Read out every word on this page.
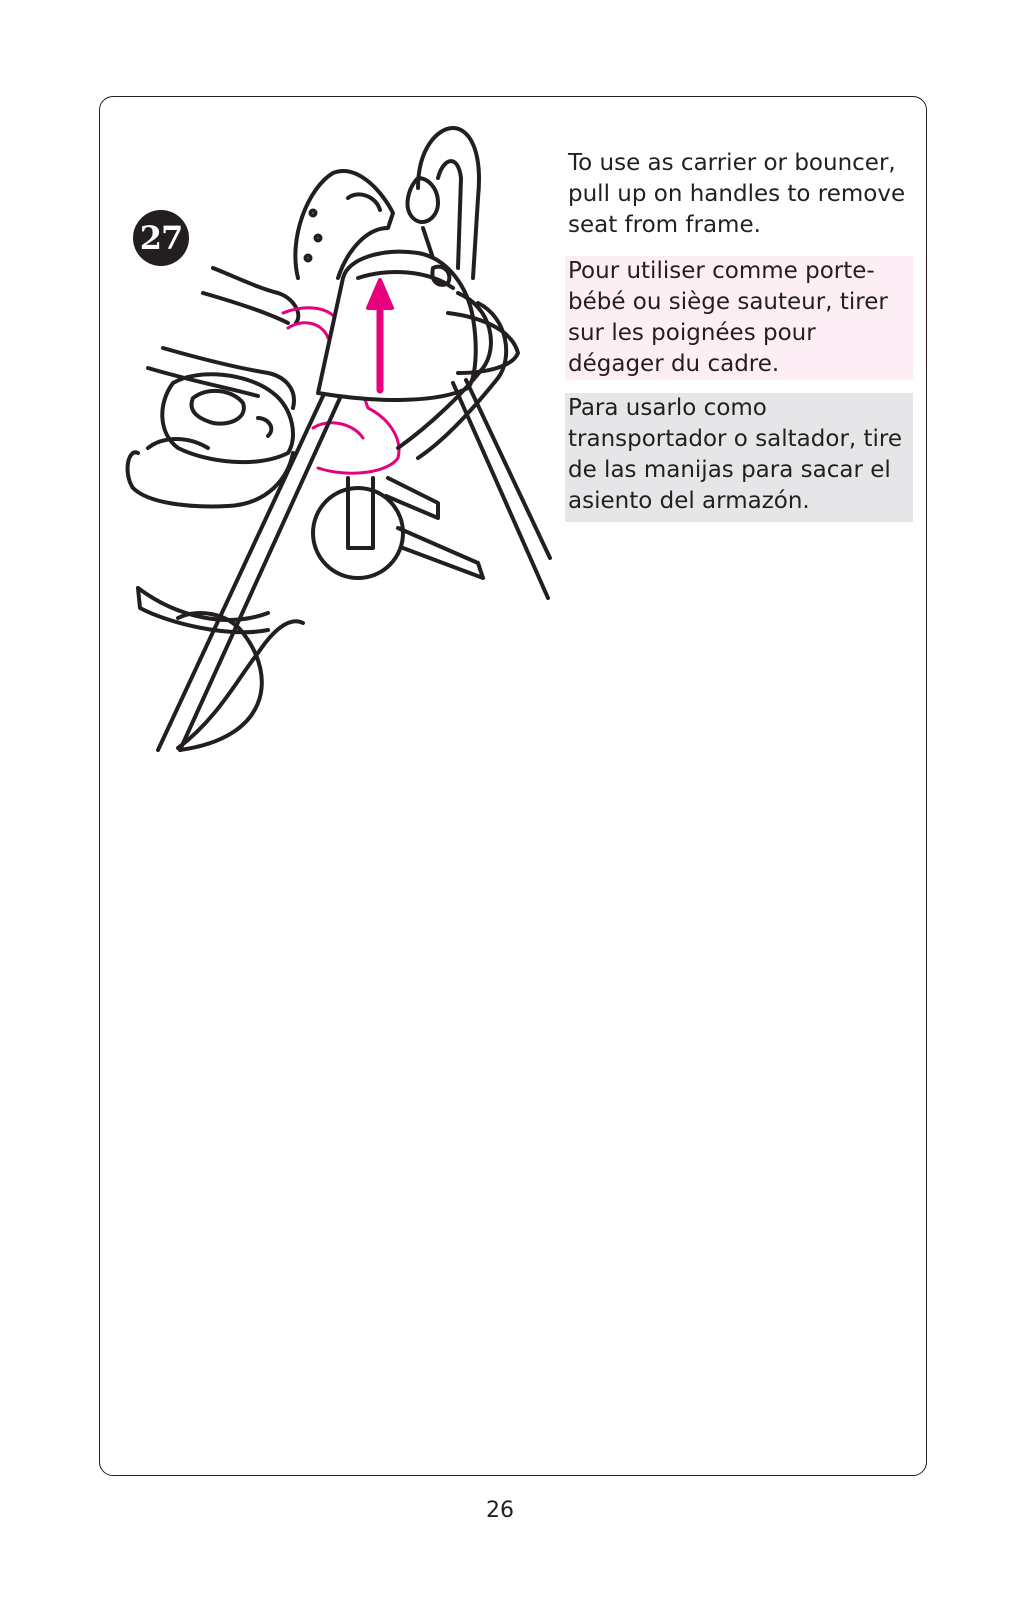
27
To use as carrier or bouncer, pull up on handles to remove seat from frame.
Pour utiliser comme porte-bébé ou siège sauteur, tirer sur les poignées pour dégager du cadre.
Para usarlo como transportador o saltador, tire de las manijas para sacar el asiento del armazón.
26
